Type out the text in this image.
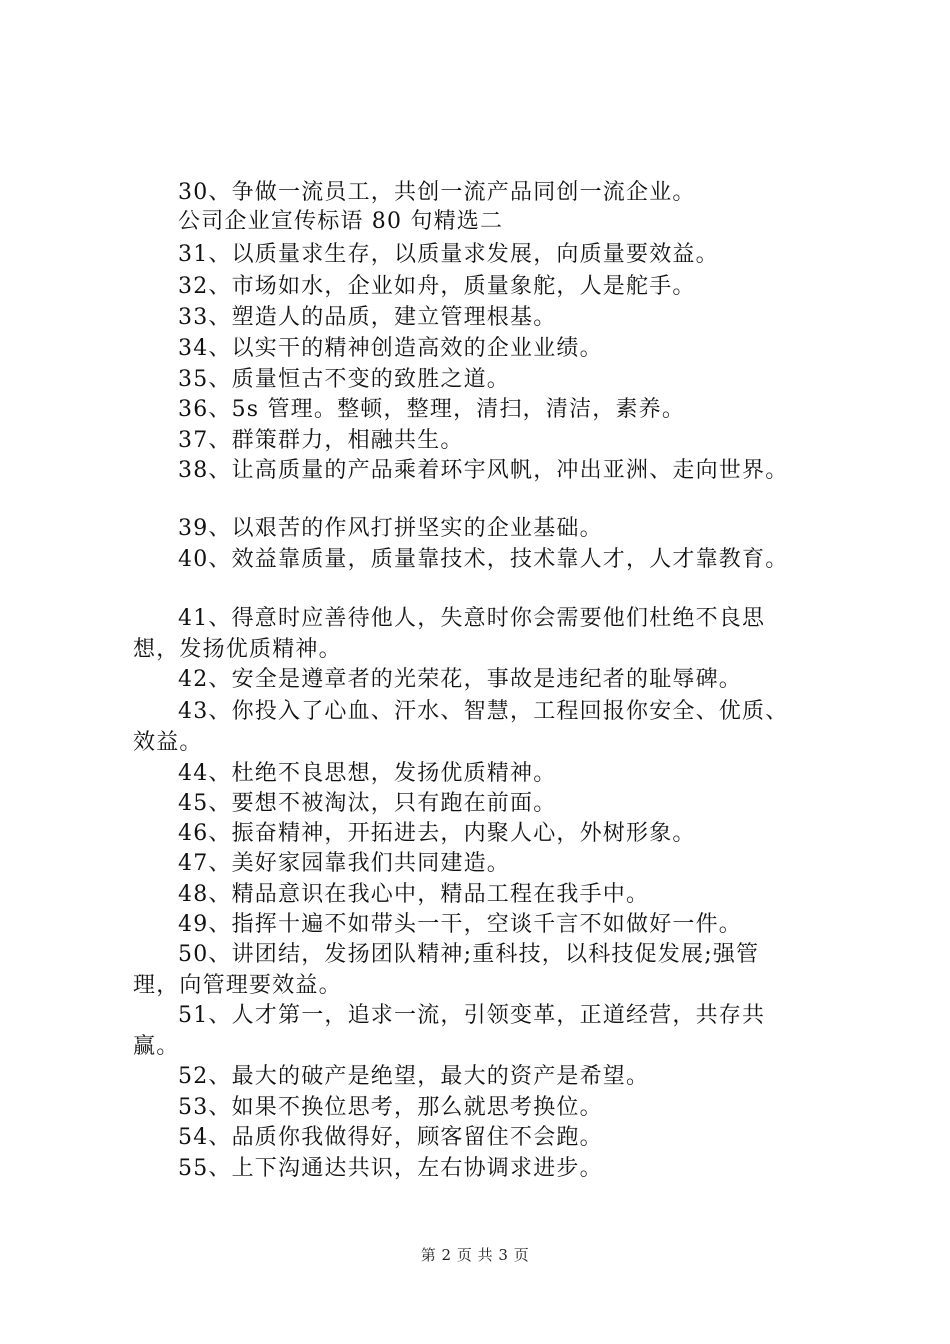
30、争做一流员工，共创一流产品同创一流企业。
公司企业宣传标语 80 句精选二
31、以质量求生存，以质量求发展，向质量要效益。
32、市场如水，企业如舟，质量象舵，人是舵手。
33、塑造人的品质，建立管理根基。
34、以实干的精神创造高效的企业业绩。
35、质量恒古不变的致胜之道。
36、5s 管理。整顿，整理，清扫，清洁，素养。
37、群策群力，相融共生。
38、让高质量的产品乘着环宇风帆，冲出亚洲、走向世界。
39、以艰苦的作风打拼坚实的企业基础。
40、效益靠质量，质量靠技术，技术靠人才，人才靠教育。
41、得意时应善待他人，失意时你会需要他们杜绝不良思
想，发扬优质精神。
42、安全是遵章者的光荣花，事故是违纪者的耻辱碑。
43、你投入了心血、汗水、智慧，工程回报你安全、优质、
效益。
44、杜绝不良思想，发扬优质精神。
45、要想不被淘汰，只有跑在前面。
46、振奋精神，开拓进去，内聚人心，外树形象。
47、美好家园靠我们共同建造。
48、精品意识在我心中，精品工程在我手中。
49、指挥十遍不如带头一干，空谈千言不如做好一件。
50、讲团结，发扬团队精神;重科技，以科技促发展;强管
理，向管理要效益。
51、人才第一，追求一流，引领变革，正道经营，共存共
赢。
52、最大的破产是绝望，最大的资产是希望。
53、如果不换位思考，那么就思考换位。
54、品质你我做得好，顾客留住不会跑。
55、上下沟通达共识，左右协调求进步。
第 2 页 共 3 页
